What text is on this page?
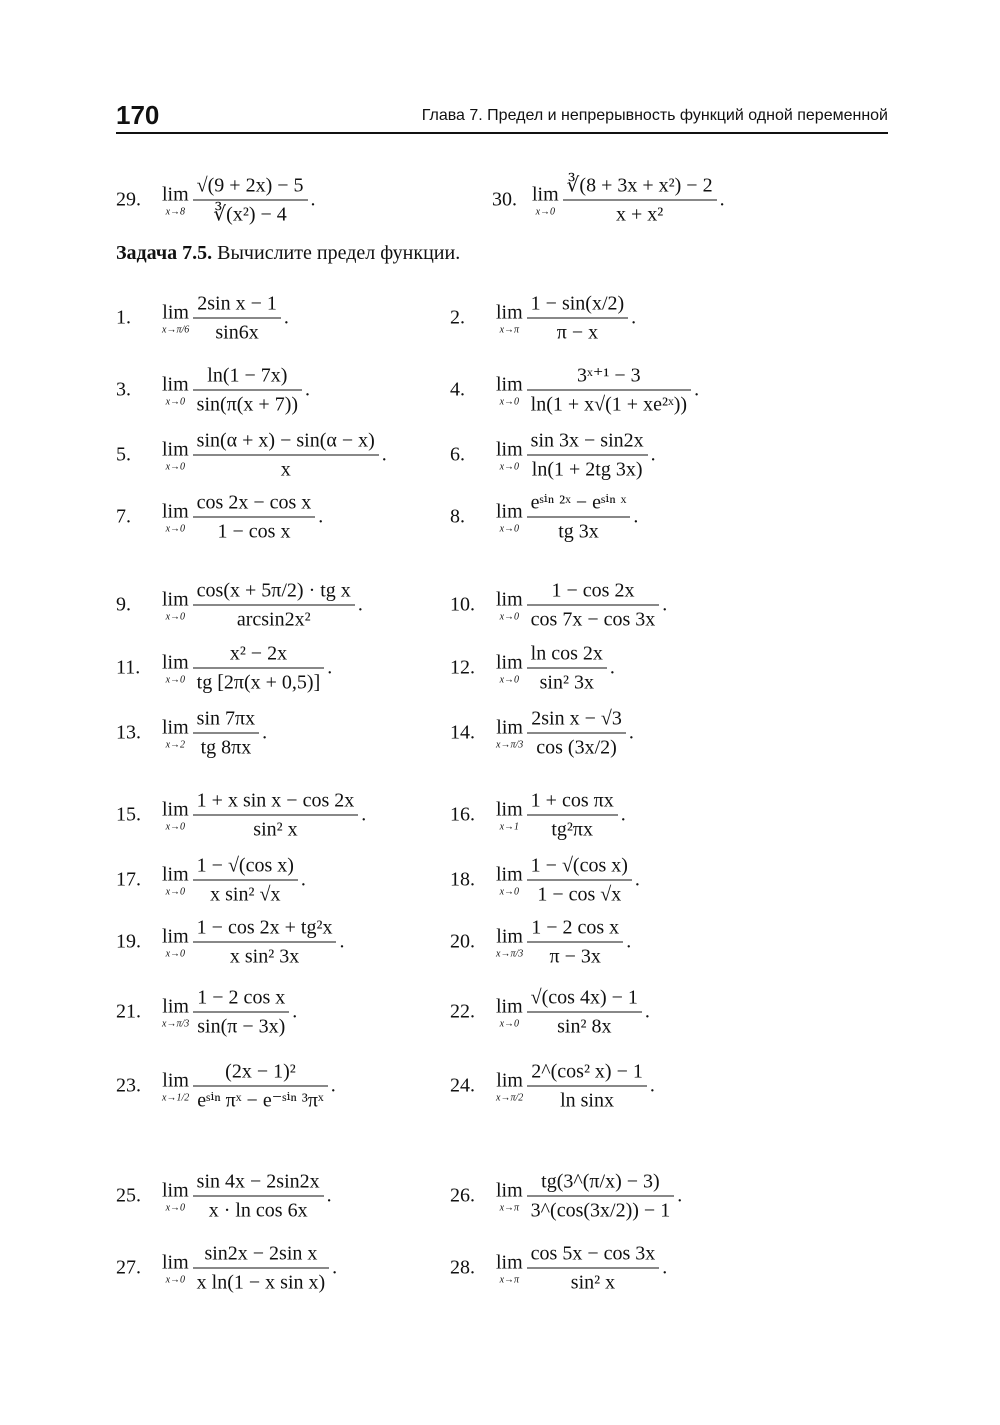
170	Глава 7. Предел и непрерывность функций одной переменной
Задача 7.5. Вычислите предел функции.
29. lim
$x\to 8 \frac{√(9 + 2x) - 5}{\text{∛(x²) − 4}}$ .	30. lim
$x\to 0 \frac{\text{∛(8 + 3x + x²) − 2}}{\text{x + x²}}$ .
1. lim
$x\to\pi/6 \frac{\text{2sin x − 1}}{\sin 6x}$ .	2. lim
$x\to\pi \frac{1 - \sin(x/2)}{\pi - x}$ .
3. lim
$x\to 0 \frac{\ln(1 - 7x)}{\sin(\pi(x + 7))}$ .	4. lim
$x\to 0 \frac{\text{3ˣ⁺¹ − 3}}{\text{ln(1 + x√(1 + xe²ˣ))}}$ .
5. lim
$x\to 0 \frac{\sin(\alpha + x) - \sin(\alpha - x)}{x}$ .	6. lim
$x\to 0 \frac{\sin 3x - \sin 2x}{\ln(1 + 2tg 3x)}$ .
7. lim
$x\to 0 \frac{\text{cos 2x − cos x}}{\text{1 − cos x}}$ .	8. lim
$x\to 0 \frac{\text{eˢⁱⁿ ²ˣ − eˢⁱⁿ ˣ}}{tg 3x}$ .
9. lim
$x\to 0 \frac{\text{cos(x + 5π/2) · tg x}}{\text{arcsin2x²}}$ .	10. lim
$x\to 0 \frac{1 - \cos 2x}{\cos 7x - \cos 3x}$ .
11. lim
$x\to 0 \frac{\text{x² − 2x}}{tg [2\pi(x + 0,5)]}$ .	12. lim
$x\to 0 \frac{\text{ln cos 2x}}{\text{sin² 3x}}$ .
13. lim
$x\to 2 \frac{\sin 7\pi x}{tg 8\pi x}$ .	14. lim
$x\to\pi/3 \frac{\text{2sin x − √3}}{\cos (3x/2)}$ .
15. lim
$x\to 0 \frac{\text{1 + x sin x − cos 2x}}{\text{sin² x}}$ .	16. lim
$x\to 1 \frac{\text{1 + cos πx}}{\text{tg²πx}}$ .
17. lim
$x\to 0 \frac{\text{1 − √(cos x)}}{\text{x sin² √x}}$ .	18. lim
$x\to 0 \frac{\text{1 − √(cos x)}}{1 - \cos √x}$ .
19. lim
$x\to 0 \frac{\text{1 − cos 2x + tg²x}}{\text{x sin² 3x}}$ .	20. lim
$x\to\pi/3 \frac{\text{1 − 2 cos x}}{\pi - 3x}$ .
21. lim
$x\to\pi/3 \frac{\text{1 − 2 cos x}}{\sin(\pi - 3x)}$ .	22. lim
$x\to 0 \frac{√(\cos 4x) - 1}{\text{sin² 8x}}$ .
23. lim
$x\to 1/2 \frac{\text{(2x − 1)²}}{\text{eˢⁱⁿ πˣ − e⁻ˢⁱⁿ ³πˣ}}$ .	24. lim
$x\to\pi/2 \frac{\text{2\textasciicircum{}(cos² x) − 1}}{\text{ln sinx}}$ .
25. lim
$x\to 0 \frac{\sin 4x - 2\sin 2x}{\text{x · ln cos 6x}}$ .	26. lim
$x\to\pi \frac{tg(3\^{}(\pi/x) - 3)}{3\^{}(\cos(3x/2)) - 1}$ .
27. lim
$x\to 0 \frac{\text{sin2x − 2sin x}}{\text{x ln(1 − x sin x)}}$ .	28. lim
$x\to\pi \frac{\cos 5x - \cos 3x}{\text{sin² x}}$ .
